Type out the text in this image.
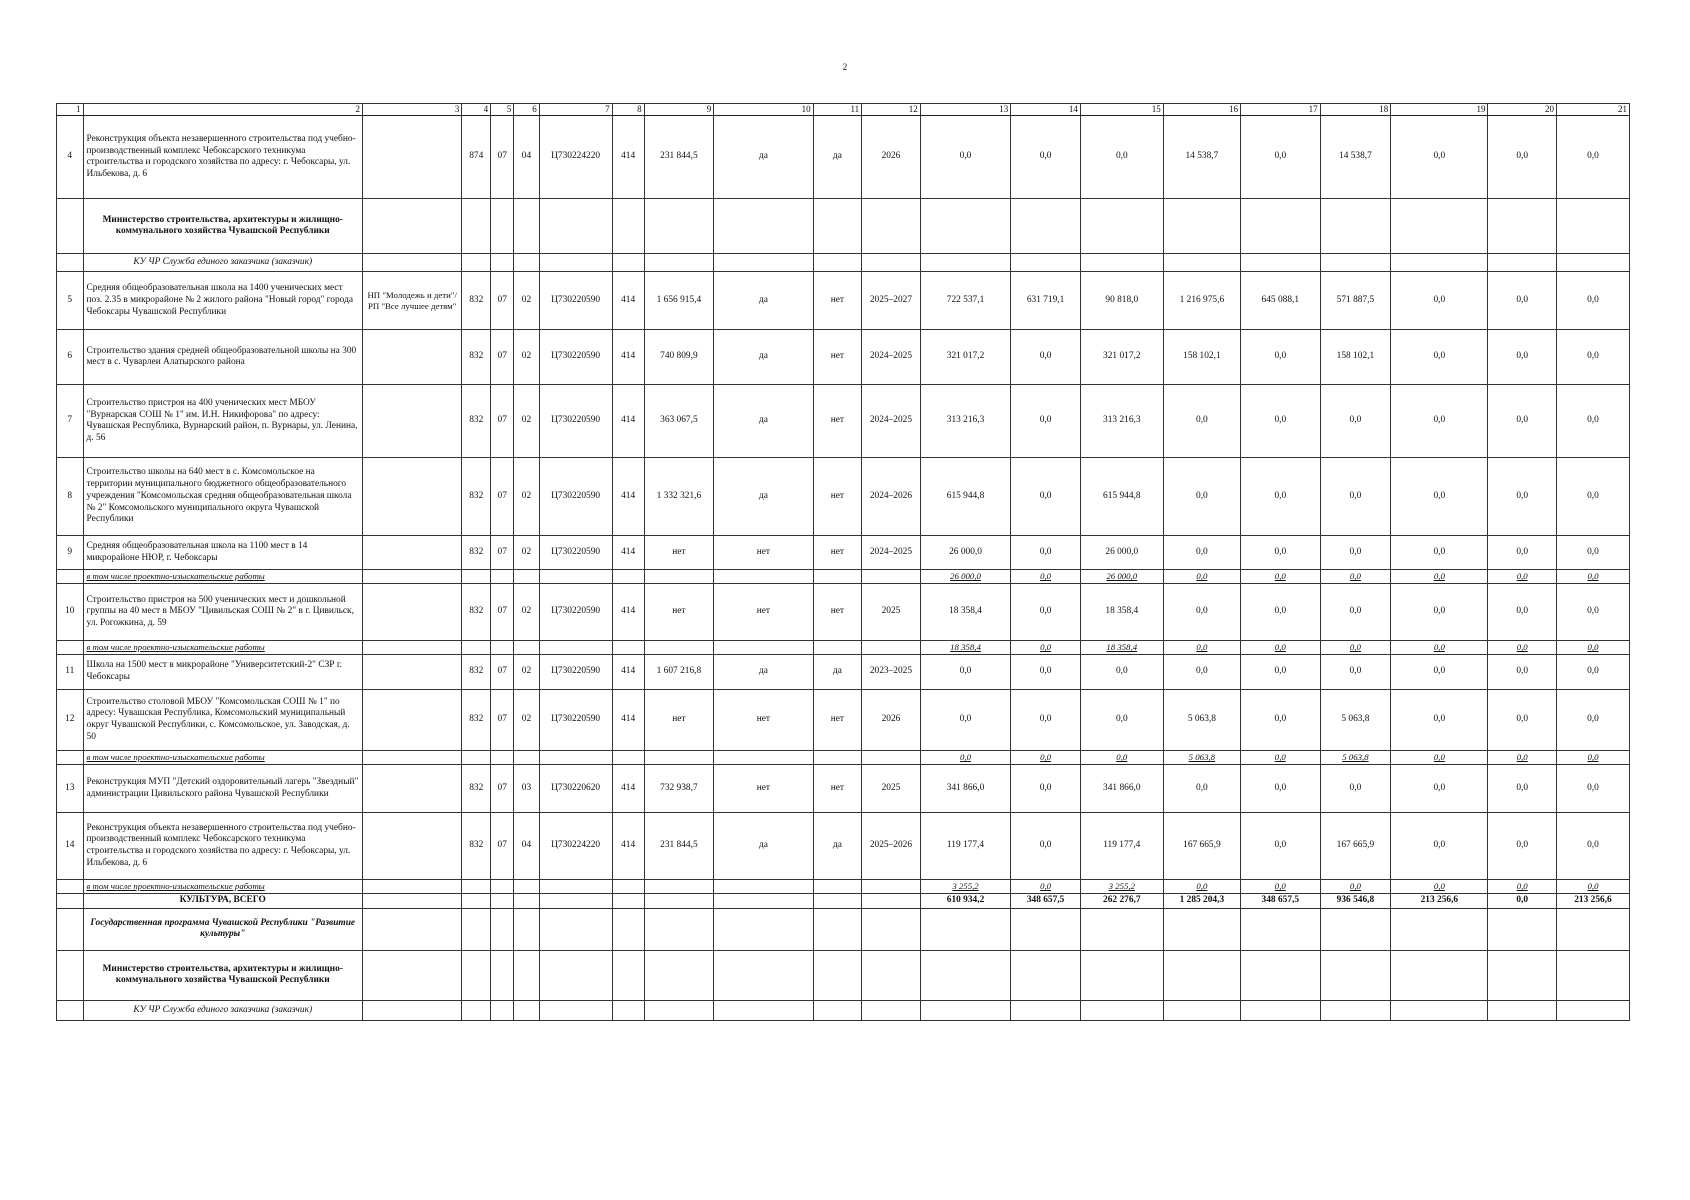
2
1	2	3	4	5	6	7	8	9	10	11	12	13	14	15	16	17	18	19	20	21
4	Реконструкция объекта незавершенного строительства под учебно-производственный комплекс Чебоксарского техникума строительства и городского хозяйства по адресу: г. Чебоксары, ул. Ильбекова, д. 6		874	07	04	Ц730224220	414	231 844,5	да	да	2026	0,0	0,0	0,0	14 538,7	0,0	14 538,7	0,0	0,0	0,0
	Министерство строительства, архитектуры и жилищно-коммунального хозяйства Чувашской Республики																			
	КУ ЧР Служба единого заказчика (заказчик)																			
5	Средняя общеобразовательная школа на 1400 ученических мест поз. 2.35 в микрорайоне № 2 жилого района "Новый город" города Чебоксары Чувашской Республики	НП "Молодежь и дети"/ РП "Все лучшее детям"	832	07	02	Ц730220590	414	1 656 915,4	да	нет	2025–2027	722 537,1	631 719,1	90 818,0	1 216 975,6	645 088,1	571 887,5	0,0	0,0	0,0
6	Строительство здания средней общеобразовательной школы на 300 мест в с. Чуварлеи Алатырского района		832	07	02	Ц730220590	414	740 809,9	да	нет	2024–2025	321 017,2	0,0	321 017,2	158 102,1	0,0	158 102,1	0,0	0,0	0,0
7	Строительство пристроя на 400 ученических мест МБОУ "Вурнарская СОШ № 1" им. И.Н. Никифорова" по адресу: Чувашская Республика, Вурнарский район, п. Вурнары, ул. Ленина, д. 56		832	07	02	Ц730220590	414	363 067,5	да	нет	2024–2025	313 216,3	0,0	313 216,3	0,0	0,0	0,0	0,0	0,0	0,0
8	Строительство школы на 640 мест в с. Комсомольское на территории муниципального бюджетного общеобразовательного учреждения "Комсомольская средняя общеобразовательная школа № 2" Комсомольского муниципального округа Чувашской Республики		832	07	02	Ц730220590	414	1 332 321,6	да	нет	2024–2026	615 944,8	0,0	615 944,8	0,0	0,0	0,0	0,0	0,0	0,0
9	Средняя общеобразовательная школа на 1100 мест в 14 микрорайоне НЮР, г. Чебоксары		832	07	02	Ц730220590	414	нет	нет	нет	2024–2025	26 000,0	0,0	26 000,0	0,0	0,0	0,0	0,0	0,0	0,0
	в том числе проектно-изыскательские работы											26 000,0	0,0	26 000,0	0,0	0,0	0,0	0,0	0,0	0,0
10	Строительство пристроя на 500 ученических мест и дошкольной группы на 40 мест в МБОУ "Цивильская СОШ № 2" в г. Цивильск, ул. Рогожкина, д. 59		832	07	02	Ц730220590	414	нет	нет	нет	2025	18 358,4	0,0	18 358,4	0,0	0,0	0,0	0,0	0,0	0,0
	в том числе проектно-изыскательские работы											18 358,4	0,0	18 358,4	0,0	0,0	0,0	0,0	0,0	0,0
11	Школа на 1500 мест в микрорайоне "Университетский-2" СЗР г. Чебоксары		832	07	02	Ц730220590	414	1 607 216,8	да	да	2023–2025	0,0	0,0	0,0	0,0	0,0	0,0	0,0	0,0	0,0
12	Строительство столовой МБОУ "Комсомольская СОШ № 1" по адресу: Чувашская Республика, Комсомольский муниципальный округ Чувашской Республики, с. Комсомольское, ул. Заводская, д. 50		832	07	02	Ц730220590	414	нет	нет	нет	2026	0,0	0,0	0,0	5 063,8	0,0	5 063,8	0,0	0,0	0,0
	в том числе проектно-изыскательские работы											0,0	0,0	0,0	5 063,8	0,0	5 063,8	0,0	0,0	0,0
13	Реконструкция МУП "Детский оздоровительный лагерь "Звездный" администрации Цивильского района Чувашской Республики		832	07	03	Ц730220620	414	732 938,7	нет	нет	2025	341 866,0	0,0	341 866,0	0,0	0,0	0,0	0,0	0,0	0,0
14	Реконструкция объекта незавершенного строительства под учебно-производственный комплекс Чебоксарского техникума строительства и городского хозяйства по адресу: г. Чебоксары, ул. Ильбекова, д. 6		832	07	04	Ц730224220	414	231 844,5	да	да	2025–2026	119 177,4	0,0	119 177,4	167 665,9	0,0	167 665,9	0,0	0,0	0,0
	в том числе проектно-изыскательские работы											3 255,2	0,0	3 255,2	0,0	0,0	0,0	0,0	0,0	0,0
	КУЛЬТУРА, ВСЕГО											610 934,2	348 657,5	262 276,7	1 285 204,3	348 657,5	936 546,8	213 256,6	0,0	213 256,6
	Государственная программа Чувашской Республики "Развитие культуры"																			
	Министерство строительства, архитектуры и жилищно-коммунального хозяйства Чувашской Республики																			
	КУ ЧР Служба единого заказчика (заказчик)																			
